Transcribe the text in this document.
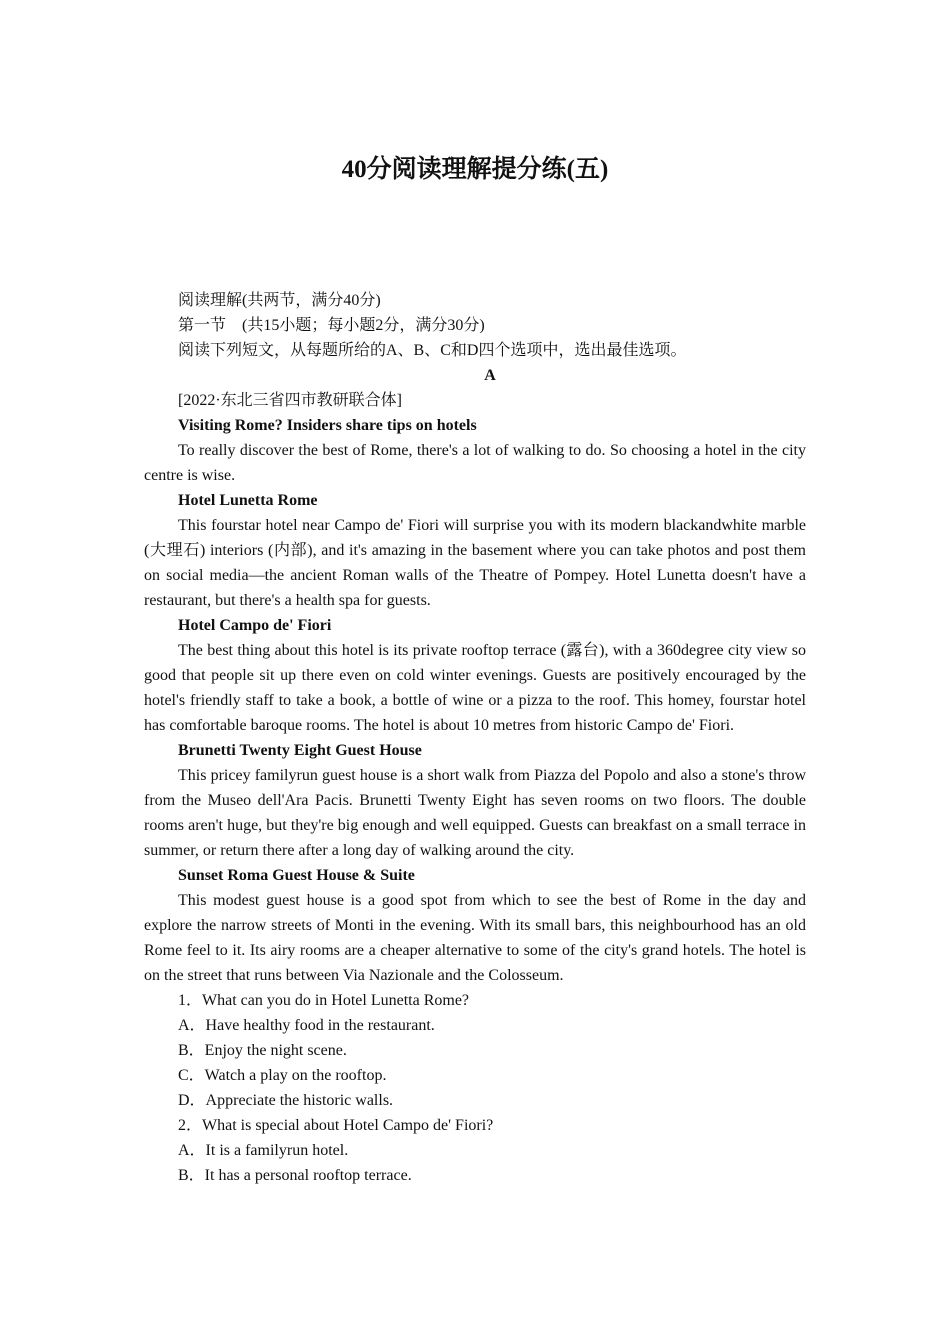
40分阅读理解提分练(五)

阅读理解(共两节，满分40分)

第一节　(共15小题；每小题2分，满分30分)

阅读下列短文，从每题所给的A、B、C和D四个选项中，选出最佳选项。

A

[2022·东北三省四市教研联合体]

Visiting Rome? Insiders share tips on hotels

To really discover the best of Rome, there's a lot of walking to do. So choosing a hotel in the city centre is wise.

Hotel Lunetta Rome

This fourstar hotel near Campo de' Fiori will surprise you with its modern blackandwhite marble (大理石) interiors (内部), and it's amazing in the basement where you can take photos and post them on social media—the ancient Roman walls of the Theatre of Pompey. Hotel Lunetta doesn't have a restaurant, but there's a health spa for guests.

Hotel Campo de' Fiori

The best thing about this hotel is its private rooftop terrace (露台), with a 360degree city view so good that people sit up there even on cold winter evenings. Guests are positively encouraged by the hotel's friendly staff to take a book, a bottle of wine or a pizza to the roof. This homey, fourstar hotel has comfortable baroque rooms. The hotel is about 10 metres from historic Campo de' Fiori.

Brunetti Twenty Eight Guest House

This pricey familyrun guest house is a short walk from Piazza del Popolo and also a stone's throw from the Museo dell'Ara Pacis. Brunetti Twenty Eight has seven rooms on two floors. The double rooms aren't huge, but they're big enough and well equipped. Guests can breakfast on a small terrace in summer, or return there after a long day of walking around the city.

Sunset Roma Guest House & Suite

This modest guest house is a good spot from which to see the best of Rome in the day and explore the narrow streets of Monti in the evening. With its small bars, this neighbourhood has an old Rome feel to it. Its airy rooms are a cheaper alternative to some of the city's grand hotels. The hotel is on the street that runs between Via Nazionale and the Colosseum.

1．What can you do in Hotel Lunetta Rome?

A．Have healthy food in the restaurant.

B．Enjoy the night scene.

C．Watch a play on the rooftop.

D．Appreciate the historic walls.

2．What is special about Hotel Campo de' Fiori?

A．It is a familyrun hotel.

B．It has a personal rooftop terrace.
